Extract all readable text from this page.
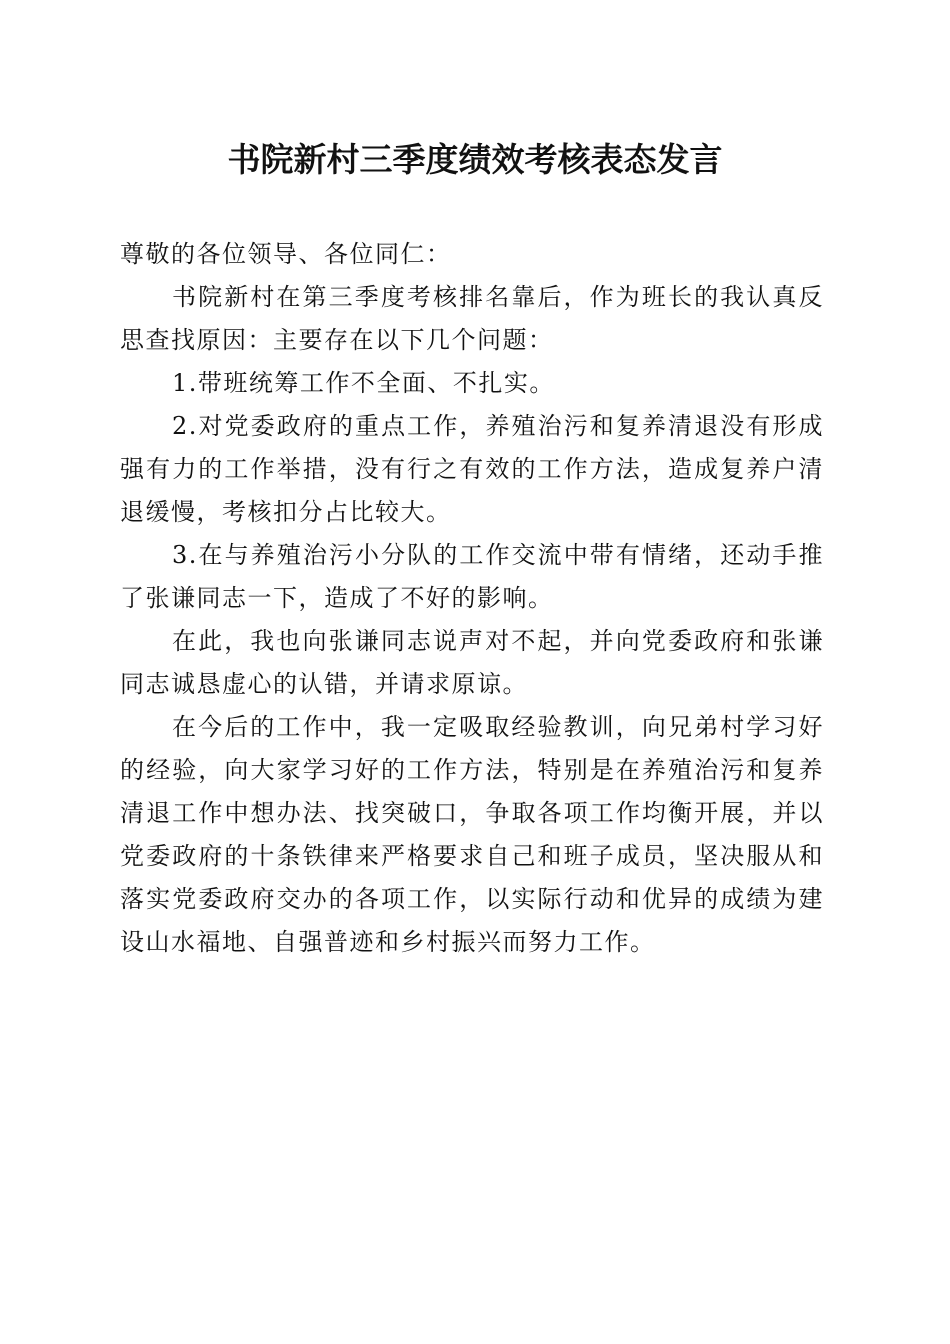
书院新村三季度绩效考核表态发言

尊敬的各位领导、各位同仁：

书院新村在第三季度考核排名靠后，作为班长的我认真反思查找原因：主要存在以下几个问题：

1.带班统筹工作不全面、不扎实。

2.对党委政府的重点工作，养殖治污和复养清退没有形成强有力的工作举措，没有行之有效的工作方法，造成复养户清退缓慢，考核扣分占比较大。

3.在与养殖治污小分队的工作交流中带有情绪，还动手推了张谦同志一下，造成了不好的影响。

在此，我也向张谦同志说声对不起，并向党委政府和张谦同志诚恳虚心的认错，并请求原谅。

在今后的工作中，我一定吸取经验教训，向兄弟村学习好的经验，向大家学习好的工作方法，特别是在养殖治污和复养清退工作中想办法、找突破口，争取各项工作均衡开展，并以党委政府的十条铁律来严格要求自己和班子成员，坚决服从和落实党委政府交办的各项工作，以实际行动和优异的成绩为建设山水福地、自强普迹和乡村振兴而努力工作。
